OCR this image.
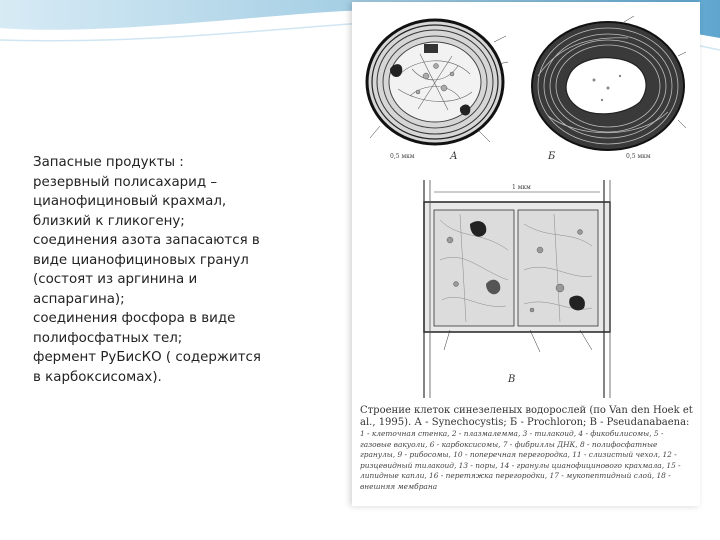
Запасные продукты :
резервный полисахарид –
цианофициновый крахмал,
близкий к гликогену;
соединения азота запасаются в
виде цианофициновых гранул
(состоят из аргинина и
аспарагина);
соединения фосфора в виде
полифосфатных тел;
фермент РуБисКО ( содержится
в карбоксисомах).
А
0,5 мкм	Б	0,5 мкм
В
1 мкм
Строение клеток синезеленых водорослей (по Van den Hoek et al., 1995). А - Synechocystis; Б - Prochloron; В - Pseudanabaena:
1 - клеточная стенка, 2 - плазмалемма, 3 - тилакоид, 4 - фикобилисомы, 5 - газовые вакуоли, 6 - карбоксисомы, 7 - фибриллы ДНК, 8 - полифосфатные гранулы, 9 - рибосомы, 10 - поперечная перегородка, 11 - слизистый чехол, 12 - ризцевидный тилакоид, 13 - поры, 14 - гранулы цианофицинового крахмала, 15 - липидные капли, 16 - перетяжка перегородки, 17 - мукопептидный слой, 18 - внешняя мембрана
